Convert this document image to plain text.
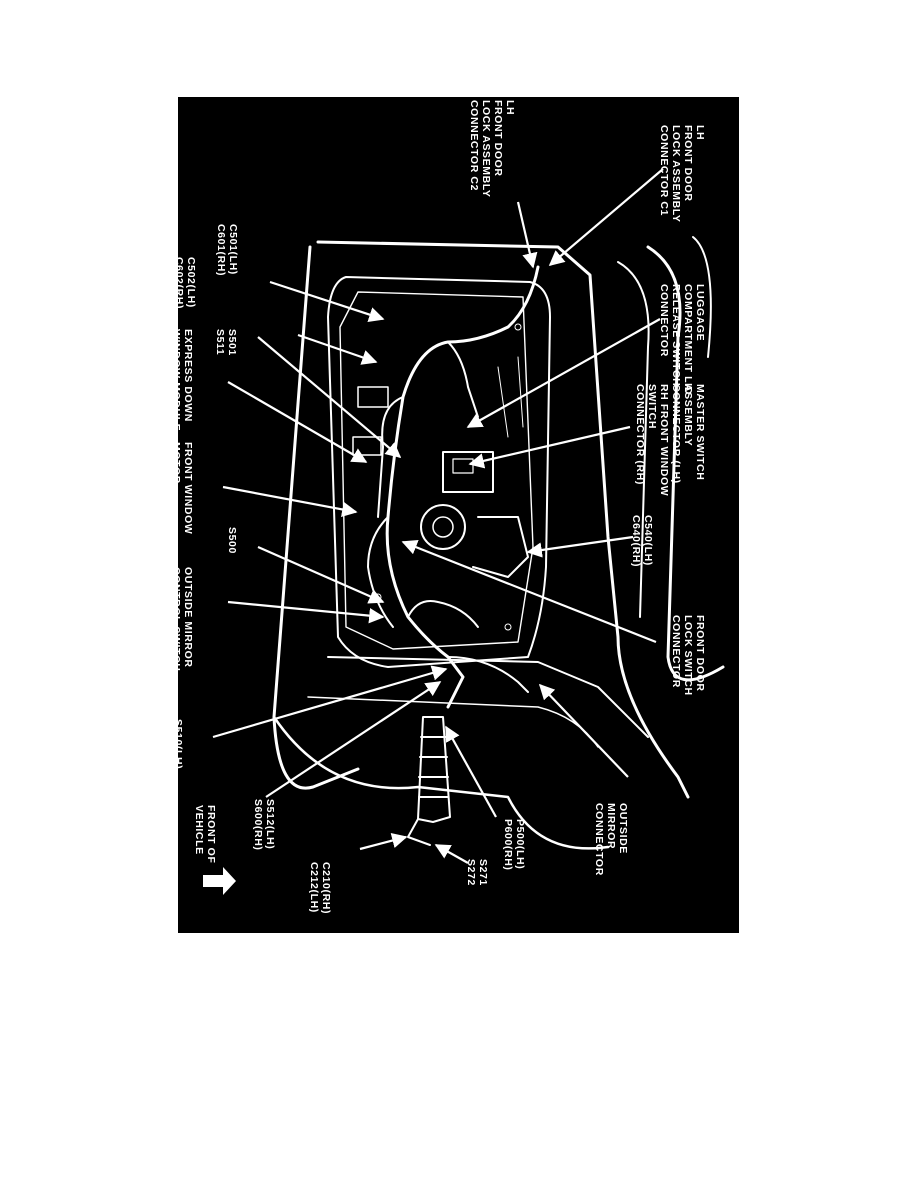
LH
FRONT DOOR
LOCK ASSEMBLY
CONNECTOR C1

LH
FRONT DOOR
LOCK ASSEMBLY
CONNECTOR C2

C501(LH)
C601(RH)

C502(LH)
C602(RH)

LUGGAGE
COMPARTMENT LID
RELEASE SWITCH
CONNECTOR

S501
S511

EXPRESS DOWN
WINDOW MODULE
CONNECTOR

MASTER SWITCH
ASSEMBLY
CONNECTOR (LH)
RH FRONT WINDOW
SWITCH
CONNECTOR (RH)

FRONT WINDOW
MOTOR
CONNECTOR

C540(LH)
C640(RH)

S500

OUTSIDE MIRROR
CONTROL SWITCH
CONNECTOR

FRONT DOOR
LOCK SWITCH
CONNECTOR

S510(LH)
S602(RH)

S512(LH)
S600(RH)

	OUTSIDE
MIRROR
CONNECTOR

P500(LH)
P600(RH)

S271
S272

FRONT OF
VEHICLE

C210(RH)
C212(LH)
